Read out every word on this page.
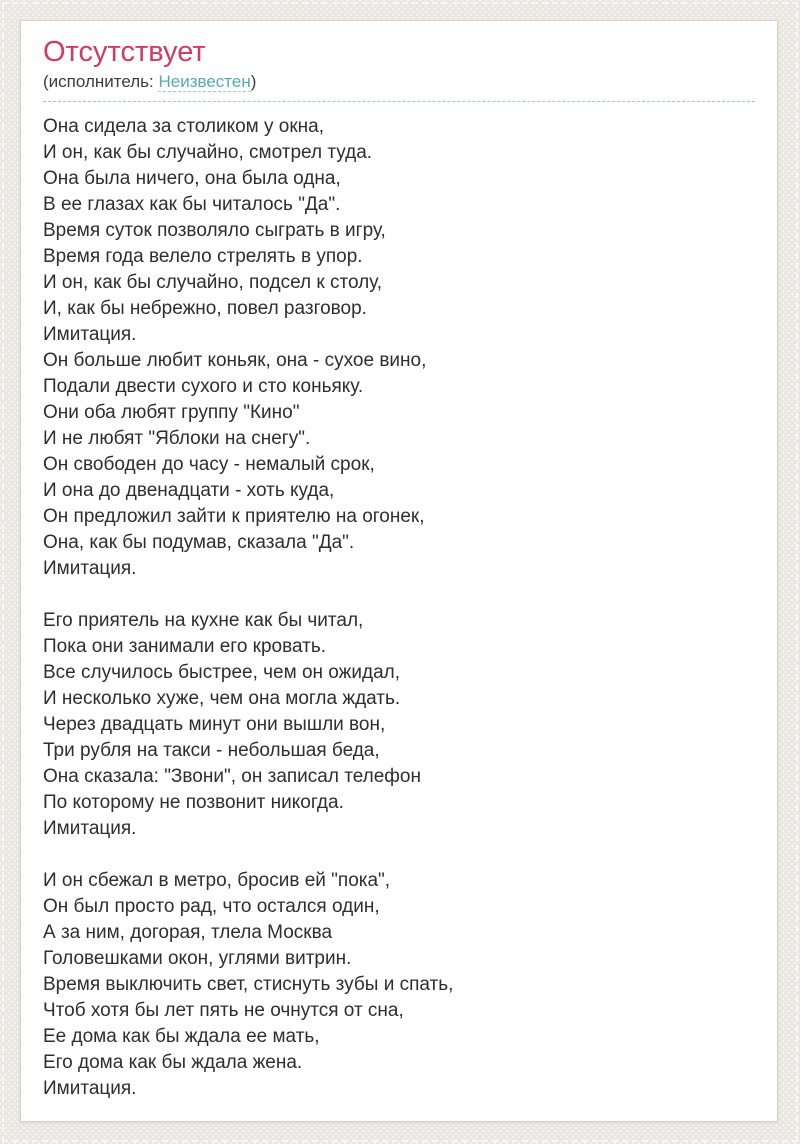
Отсутствует
(исполнитель: Неизвестен)
Она сидела за столиком у окна,
И он, как бы случайно, смотрел туда.
Она была ничего, она была одна,
В ее глазах как бы читалось "Да".
Время суток позволяло сыграть в игру,
Время года велело стрелять в упор.
И он, как бы случайно, подсел к столу,
И, как бы небрежно, повел разговор.
Имитация.
Он больше любит коньяк, она - сухое вино,
Подали двести сухого и сто коньяку.
Они оба любят группу "Кино"
И не любят "Яблоки на снегу".
Он свободен до часу - немалый срок,
И она до двенадцати - хоть куда,
Он предложил зайти к приятелю на огонек,
Она, как бы подумав, сказала "Да".
Имитация.
Его приятель на кухне как бы читал,
Пока они занимали его кровать.
Все случилось быстрее, чем он ожидал,
И несколько хуже, чем она могла ждать.
Через двадцать минут они вышли вон,
Три рубля на такси - небольшая беда,
Она сказала: "Звони", он записал телефон
По которому не позвонит никогда.
Имитация.
И он сбежал в метро, бросив ей "пока",
Он был просто рад, что остался один,
А за ним, догорая, тлела Москва
Головешками окон, углями витрин.
Время выключить свет, стиснуть зубы и спать,
Чтоб хотя бы лет пять не очнутся от сна,
Ее дома как бы ждала ее мать,
Его дома как бы ждала жена.
Имитация.
